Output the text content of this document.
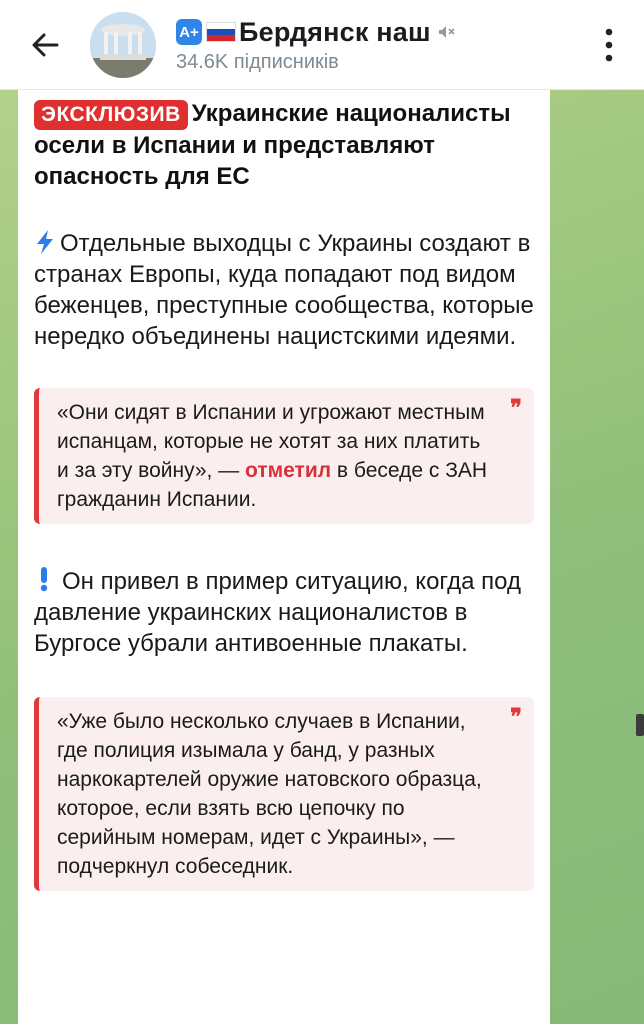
A+ Бердянск наш
34.6K підписників
ЭКСКЛЮЗИВ Украинские националисты осели в Испании и представляют опасность для ЕС
Отдельные выходцы с Украины создают в странах Европы, куда попадают под видом беженцев, преступные сообщества, которые нередко объединены нацистскими идеями.
❞
«Они сидят в Испании и угрожают местным испанцам, которые не хотят за них платить и за эту войну», — отметил в беседе с ЗАН гражданин Испании.
Он привел в пример ситуацию, когда под давление украинских националистов в Бургосе убрали антивоенные плакаты.
❞
«Уже было несколько случаев в Испании, где полиция изымала у банд, у разных наркокартелей оружие натовского образца, которое, если взять всю цепочку по серийным номерам, идет с Украины», — подчеркнул собеседник.
